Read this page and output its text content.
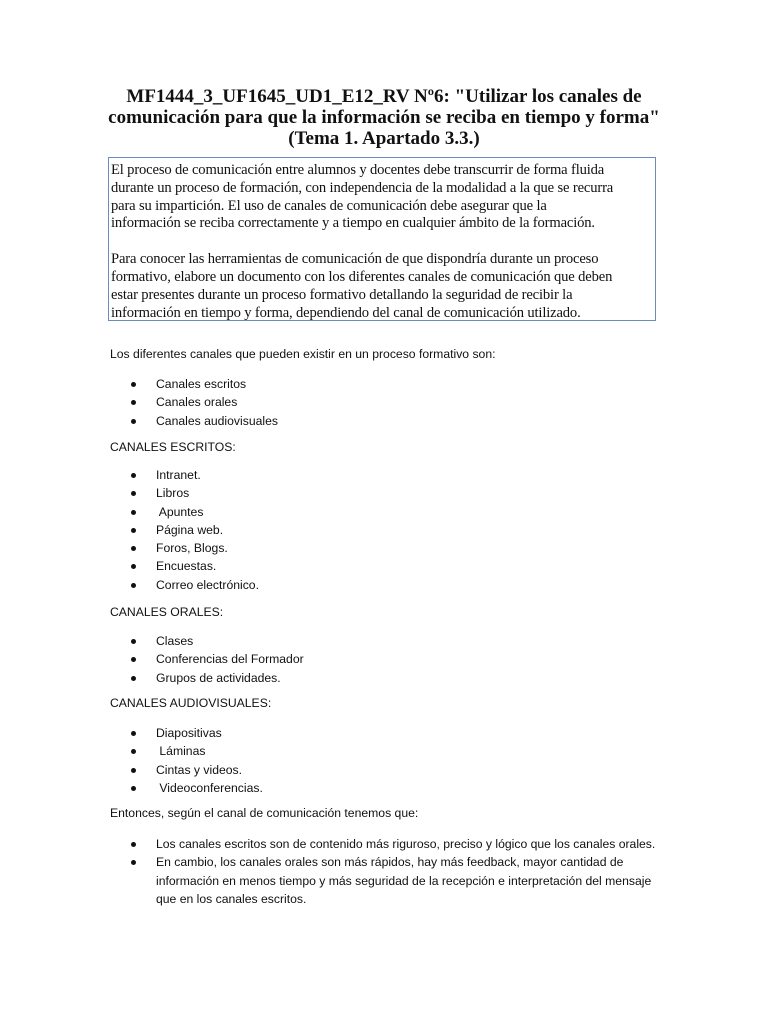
MF1444_3_UF1645_UD1_E12_RV Nº6: "Utilizar los canales de comunicación para que la información se reciba en tiempo y forma" (Tema 1. Apartado 3.3.)

El proceso de comunicación entre alumnos y docentes debe transcurrir de forma fluida
durante un proceso de formación, con independencia de la modalidad a la que se recurra
para su impartición. El uso de canales de comunicación debe asegurar que la
información se reciba correctamente y a tiempo en cualquier ámbito de la formación.

Para conocer las herramientas de comunicación de que dispondría durante un proceso
formativo, elabore un documento con los diferentes canales de comunicación que deben
estar presentes durante un proceso formativo detallando la seguridad de recibir la
información en tiempo y forma, dependiendo del canal de comunicación utilizado.

Los diferentes canales que pueden existir en un proceso formativo son:

Canales escritos
Canales orales
Canales audiovisuales

CANALES ESCRITOS:

Intranet.
Libros
Apuntes
Página web.
Foros, Blogs.
Encuestas.
Correo electrónico.

CANALES ORALES:

Clases
Conferencias del Formador
Grupos de actividades.

CANALES AUDIOVISUALES:

Diapositivas
Láminas
Cintas y videos.
Videoconferencias.

Entonces, según el canal de comunicación tenemos que:

Los canales escritos son de contenido más riguroso, preciso y lógico que los canales orales.
En cambio, los canales orales son más rápidos, hay más feedback, mayor cantidad de información en menos tiempo y más seguridad de la recepción e interpretación del mensaje que en los canales escritos.
